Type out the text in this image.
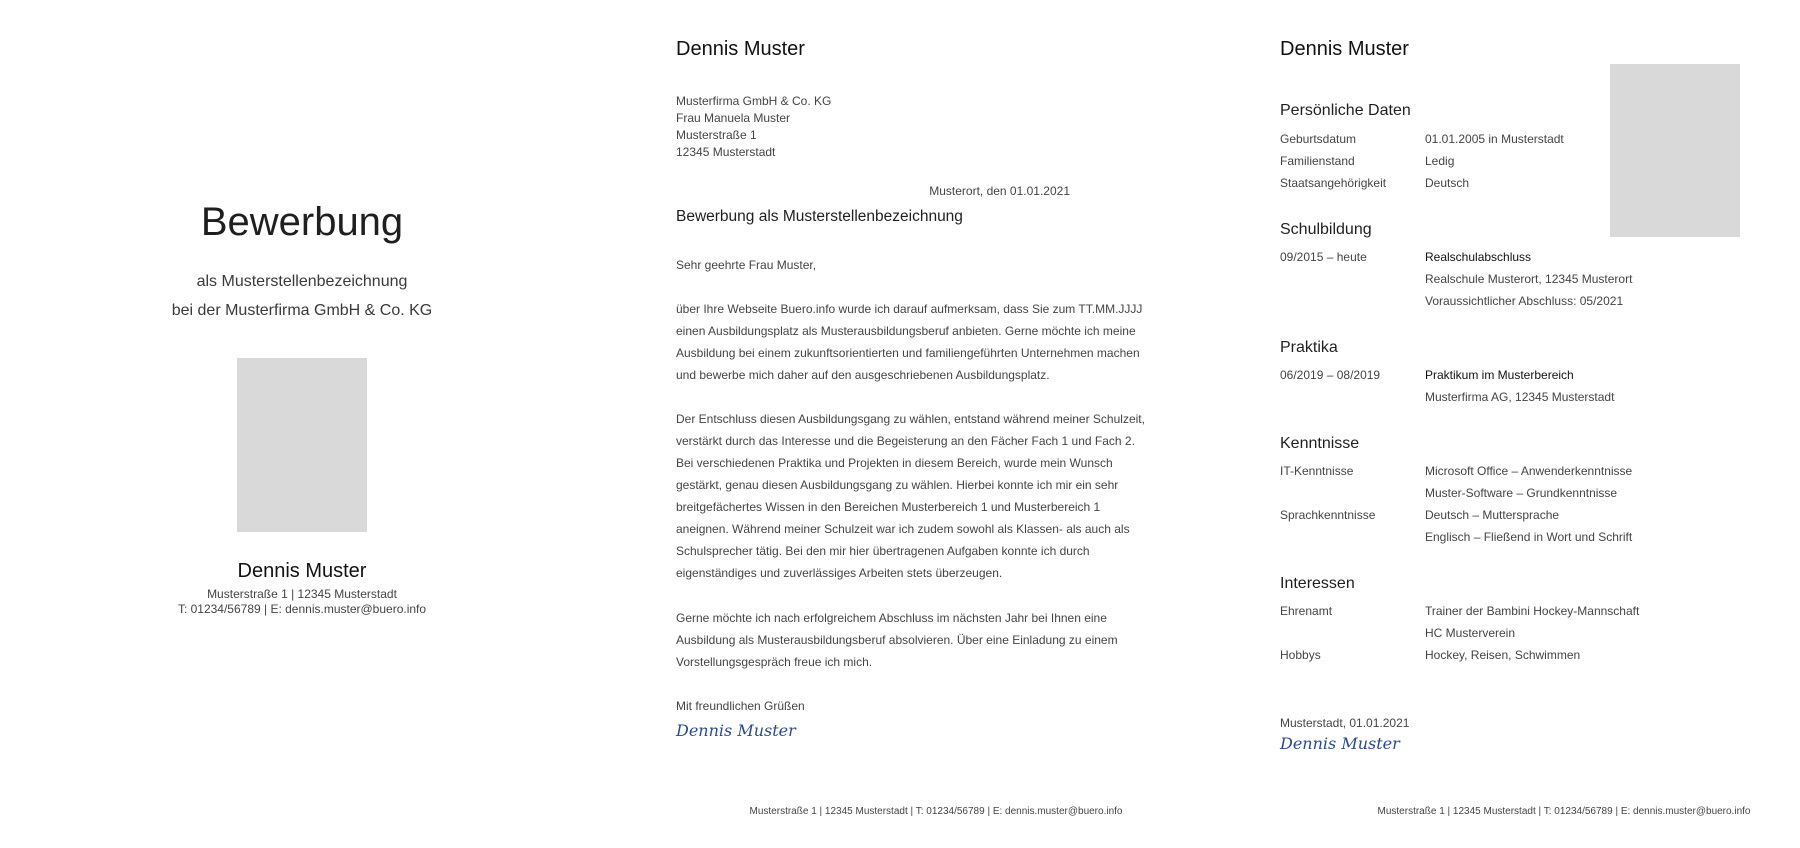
Bewerbung
als Musterstellenbezeichnung
bei der Musterfirma GmbH & Co. KG
Dennis Muster
Musterstraße 1 | 12345 Musterstadt
T: 01234/56789 | E: dennis.muster@buero.info
Dennis Muster
Musterfirma GmbH & Co. KG
Frau Manuela Muster
Musterstraße 1
12345 Musterstadt
Musterort, den 01.01.2021
Bewerbung als Musterstellenbezeichnung
Sehr geehrte Frau Muster,
über Ihre Webseite Buero.info wurde ich darauf aufmerksam, dass Sie zum TT.MM.JJJJ einen Ausbildungsplatz als Musterausbildungsberuf anbieten. Gerne möchte ich meine Ausbildung bei einem zukunftsorientierten und familiengeführten Unternehmen machen und bewerbe mich daher auf den ausgeschriebenen Ausbildungsplatz.
Der Entschluss diesen Ausbildungsgang zu wählen, entstand während meiner Schulzeit, verstärkt durch das Interesse und die Begeisterung an den Fächer Fach 1 und Fach 2. Bei verschiedenen Praktika und Projekten in diesem Bereich, wurde mein Wunsch gestärkt, genau diesen Ausbildungsgang zu wählen. Hierbei konnte ich mir ein sehr breitgefächertes Wissen in den Bereichen Musterbereich 1 und Musterbereich 1 aneignen. Während meiner Schulzeit war ich zudem sowohl als Klassen- als auch als Schulsprecher tätig. Bei den mir hier übertragenen Aufgaben konnte ich durch eigenständiges und zuverlässiges Arbeiten stets überzeugen.
Gerne möchte ich nach erfolgreichem Abschluss im nächsten Jahr bei Ihnen eine Ausbildung als Musterausbildungsberuf absolvieren. Über eine Einladung zu einem Vorstellungsgespräch freue ich mich.
Mit freundlichen Grüßen
Dennis Muster
Musterstraße 1 | 12345 Musterstadt | T: 01234/56789 | E: dennis.muster@buero.info
Dennis Muster
Persönliche Daten
Geburtsdatum	01.01.2005 in Musterstadt
Familienstand	Ledig
Staatsangehörigkeit	Deutsch
Schulbildung
09/2015 – heute	Realschulabschluss
Realschule Musterort, 12345 Musterort
Voraussichtlicher Abschluss: 05/2021
Praktika
06/2019 – 08/2019	Praktikum im Musterbereich
Musterfirma AG, 12345 Musterstadt
Kenntnisse
IT-Kenntnisse	Microsoft Office – Anwenderkenntnisse
Muster-Software – Grundkenntnisse
Sprachkenntnisse	Deutsch – Muttersprache
Englisch – Fließend in Wort und Schrift
Interessen
Ehrenamt	Trainer der Bambini Hockey-Mannschaft
HC Musterverein
Hobbys	Hockey, Reisen, Schwimmen
Musterstadt, 01.01.2021
Dennis Muster
Musterstraße 1 | 12345 Musterstadt | T: 01234/56789 | E: dennis.muster@buero.info
